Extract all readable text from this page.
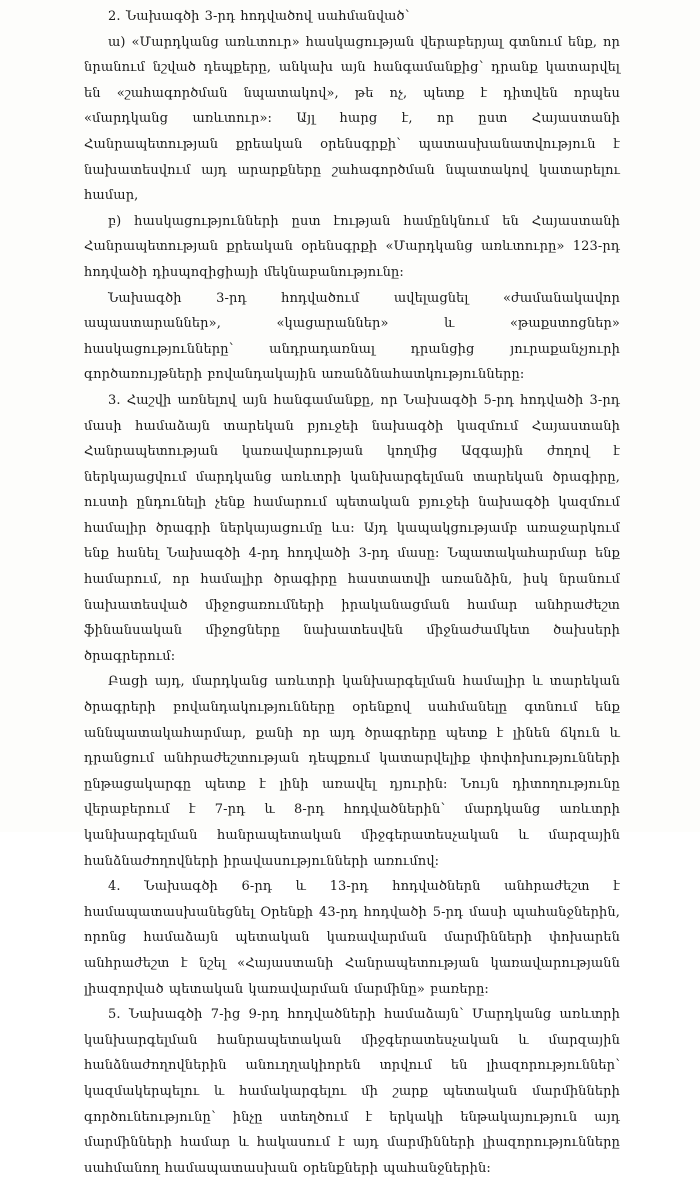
2. Նախագծի 3-րդ հոդվածով սահմանված՝

ա) «Մարդկանց առևտուր» հասկացության վերաբերյալ գտնում ենք, որ նրանում նշված դեպքերը, անկախ այն հանգամանքից՝ դրանք կատարվել են «շահագործման նպատակով», թե ոչ, պետք է դիտվեն որպես «մարդկանց առևտուր»: Այլ հարց է, որ ըստ Հայաստանի Հանրապետության քրեական օրենսգրքի՝ պատասխանատվություն է նախատեսվում այդ արարքները շահագործման նպատակով կատարելու համար,

բ) հասկացությունների ըստ էության համընկնում են Հայաստանի Հանրապետության քրեական օրենսգրքի «Մարդկանց առևտուրը» 123-րդ հոդվածի դիսպոզիցիայի մեկնաբանությունը:

Նախագծի 3-րդ հոդվածում ավելացնել «ժամանակավոր ապաստարաններ», «կացարաններ» և «թաքստոցներ» հասկացությունները՝ անդրադառնալ դրանցից յուրաքանչյուրի գործառույթների բովանդակային առանձնահատկությունները:

3. Հաշվի առնելով այն հանգամանքը, որ Նախագծի 5-րդ հոդվածի 3-րդ մասի համաձայն տարեկան բյուջեի նախագծի կազմում Հայաստանի Հանրապետության կառավարության կողմից Ազգային ժողով է ներկայացվում մարդկանց առևտրի կանխարգելման տարեկան ծրագիրը, ուստի ընդունելի չենք համարում պետական բյուջեի նախագծի կազմում համալիր ծրագրի ներկայացումը ևս: Այդ կապակցությամբ առաջարկում ենք հանել Նախագծի 4-րդ հոդվածի 3-րդ մասը: Նպատակահարմար ենք համարում, որ համալիր ծրագիրը հաստատվի առանձին, իսկ նրանում նախատեսված միջոցառումների իրականացման համար անհրաժեշտ ֆինանսական միջոցները նախատեսվեն միջնաժամկետ ծախսերի ծրագրերում:

Բացի այդ, մարդկանց առևտրի կանխարգելման համալիր և տարեկան ծրագրերի բովանդակությունները օրենքով սահմանելը գտնում ենք աննպատակահարմար, քանի որ այդ ծրագրերը պետք է լինեն ճկուն և դրանցում անհրաժեշտության դեպքում կատարվելիք փոփոխությունների ընթացակարգը պետք է լինի առավել դյուրին: Նույն դիտողությունը վերաբերում է 7-րդ և 8-րդ հոդվածներին՝ մարդկանց առևտրի կանխարգելման հանրապետական միջգերատեսչական և մարզային հանձնաժողովների իրավասությունների առումով:

4. Նախագծի 6-րդ և 13-րդ հոդվածներն անհրաժեշտ է համապատասխանեցնել Օրենքի 43-րդ հոդվածի 5-րդ մասի պահանջներին, որոնց համաձայն պետական կառավարման մարմինների փոխարեն անհրաժեշտ է նշել «Հայաստանի Հանրապետության կառավարությանն լիազորված պետական կառավարման մարմինը» բառերը:

5. Նախագծի 7-ից 9-րդ հոդվածների համաձայն՝ Մարդկանց առևտրի կանխարգելման հանրապետական միջգերատեսչական և մարզային հանձնաժողովներին անուղղակիորեն տրվում են լիազորություններ՝ կազմակերպելու և համակարգելու մի շարք պետական մարմինների գործունեությունը՝ ինչը ստեղծում է երկակի ենթակայություն այդ մարմինների համար և հակասում է այդ մարմինների լիազորությունները սահմանող համապատասխան օրենքների պահանջներին:
